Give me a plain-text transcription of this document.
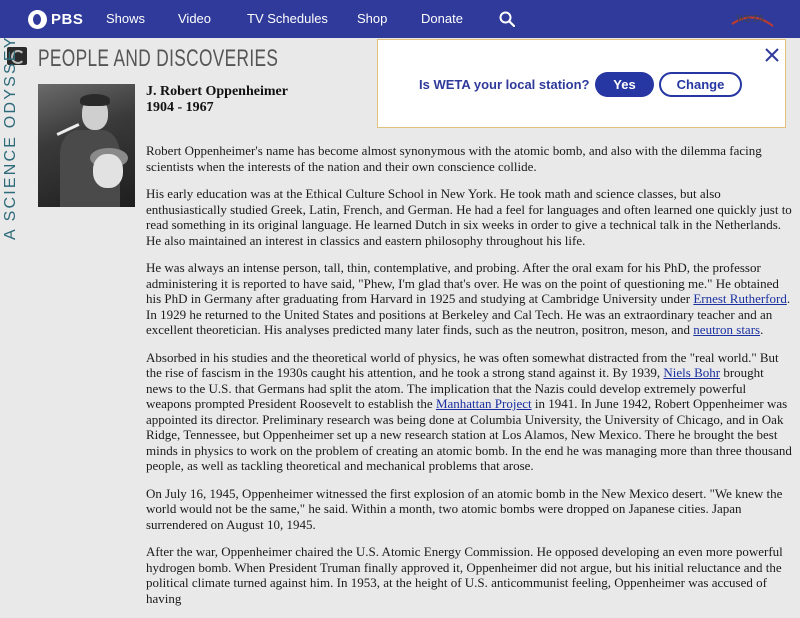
PBS Shows	Video	TV Schedules Shop	Donate	WETA
A SCIENCE ODYSSEY PEOPLE AND DISCOVERIES
J. Robert Oppenheimer
1904 - 1967

Robert Oppenheimer's name has become almost synonymous with the atomic bomb, and also with the dilemma facing scientists when the interests of the nation and their own conscience collide.

His early education was at the Ethical Culture School in New York. He took math and science classes, but also enthusiastically studied Greek, Latin, French, and German. He had a feel for languages and often learned one quickly just to read something in its original language. He learned Dutch in six weeks in order to give a technical talk in the Netherlands. He also maintained an interest in classics and eastern philosophy throughout his life.

He was always an intense person, tall, thin, contemplative, and probing. After the oral exam for his PhD, the professor administering it is reported to have said, "Phew, I'm glad that's over. He was on the point of questioning me." He obtained his PhD in Germany after graduating from Harvard in 1925 and studying at Cambridge University under Ernest Rutherford. In 1929 he returned to the United States and positions at Berkeley and Cal Tech. He was an extraordinary teacher and an excellent theoretician. His analyses predicted many later finds, such as the neutron, positron, meson, and neutron stars.

Absorbed in his studies and the theoretical world of physics, he was often somewhat distracted from the "real world." But the rise of fascism in the 1930s caught his attention, and he took a strong stand against it. By 1939, Niels Bohr brought news to the U.S. that Germans had split the atom. The implication that the Nazis could develop extremely powerful weapons prompted President Roosevelt to establish the Manhattan Project in 1941. In June 1942, Robert Oppenheimer was appointed its director. Preliminary research was being done at Columbia University, the University of Chicago, and in Oak Ridge, Tennessee, but Oppenheimer set up a new research station at Los Alamos, New Mexico. There he brought the best minds in physics to work on the problem of creating an atomic bomb. In the end he was managing more than three thousand people, as well as tackling theoretical and mechanical problems that arose.

On July 16, 1945, Oppenheimer witnessed the first explosion of an atomic bomb in the New Mexico desert. "We knew the world would not be the same," he said. Within a month, two atomic bombs were dropped on Japanese cities. Japan surrendered on August 10, 1945.

After the war, Oppenheimer chaired the U.S. Atomic Energy Commission. He opposed developing an even more powerful hydrogen bomb. When President Truman finally approved it, Oppenheimer did not argue, but his initial reluctance and the political climate turned against him. In 1953, at the height of U.S. anticommunist feeling, Oppenheimer was accused of having

Is WETA your local station?	Yes	Change
